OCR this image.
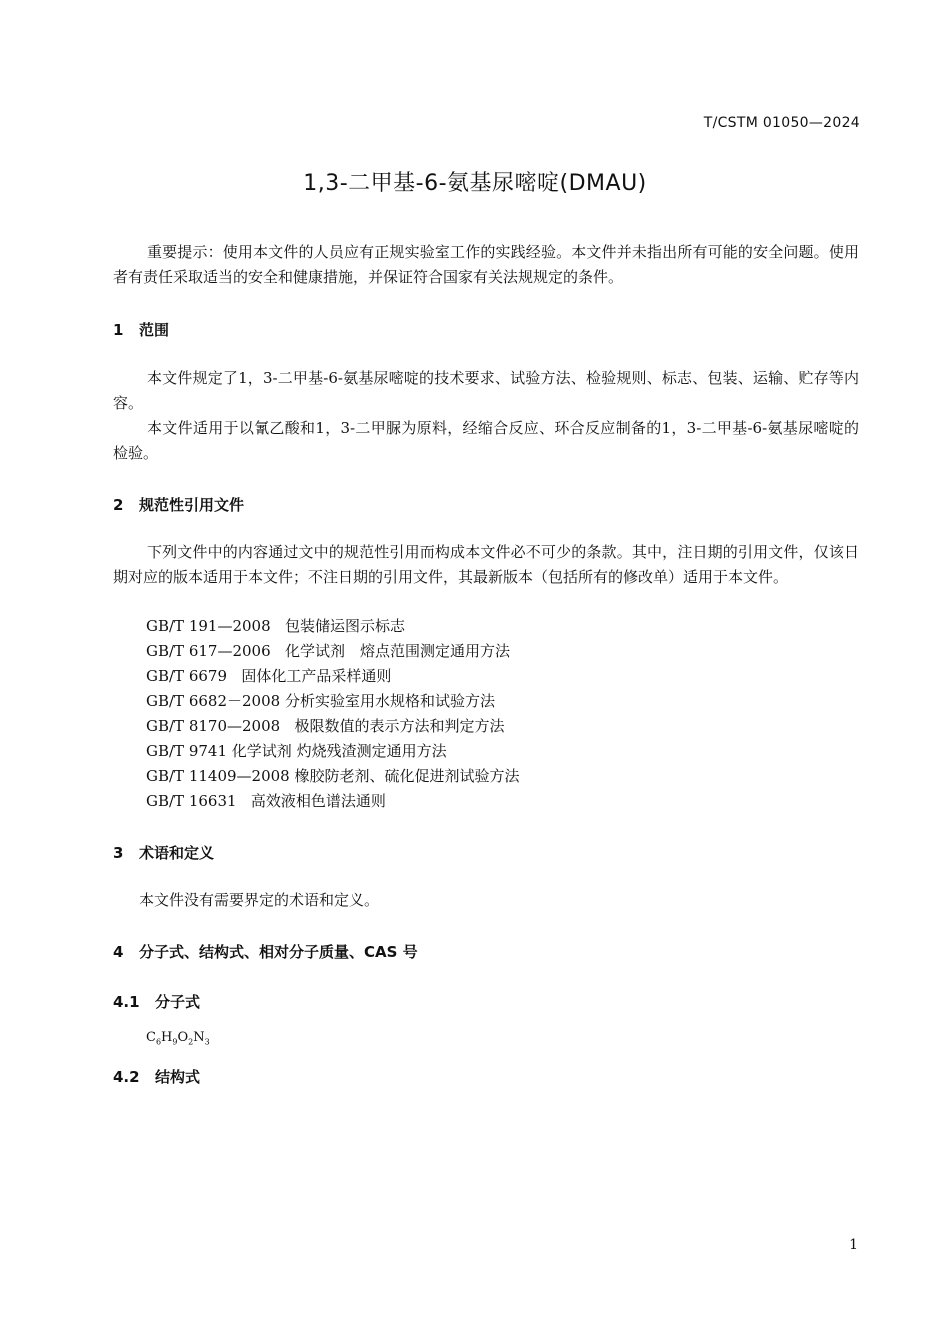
T/CSTM 01050—2024
1,3-二甲基-6-氨基尿嘧啶(DMAU)
重要提示：使用本文件的人员应有正规实验室工作的实践经验。本文件并未指出所有可能的安全问题。使用者有责任采取适当的安全和健康措施，并保证符合国家有关法规规定的条件。
1 范围
本文件规定了1，3-二甲基-6-氨基尿嘧啶的技术要求、试验方法、检验规则、标志、包装、运输、贮存等内容。
本文件适用于以氰乙酸和1，3-二甲脲为原料，经缩合反应、环合反应制备的1，3-二甲基-6-氨基尿嘧啶的检验。
2 规范性引用文件
下列文件中的内容通过文中的规范性引用而构成本文件必不可少的条款。其中，注日期的引用文件，仅该日期对应的版本适用于本文件；不注日期的引用文件，其最新版本（包括所有的修改单）适用于本文件。
GB/T 191—2008 包装储运图示标志
GB/T 617—2006 化学试剂　熔点范围测定通用方法
GB/T 6679 固体化工产品采样通则
GB/T 6682－2008 分析实验室用水规格和试验方法
GB/T 8170—2008 极限数值的表示方法和判定方法
GB/T 9741 化学试剂 灼烧残渣测定通用方法
GB/T 11409—2008 橡胶防老剂、硫化促进剂试验方法
GB/T 16631 高效液相色谱法通则
3 术语和定义
本文件没有需要界定的术语和定义。
4 分子式、结构式、相对分子质量、CAS 号
4.1 分子式
$C_6H_9O_2N_3$
4.2 结构式
1
